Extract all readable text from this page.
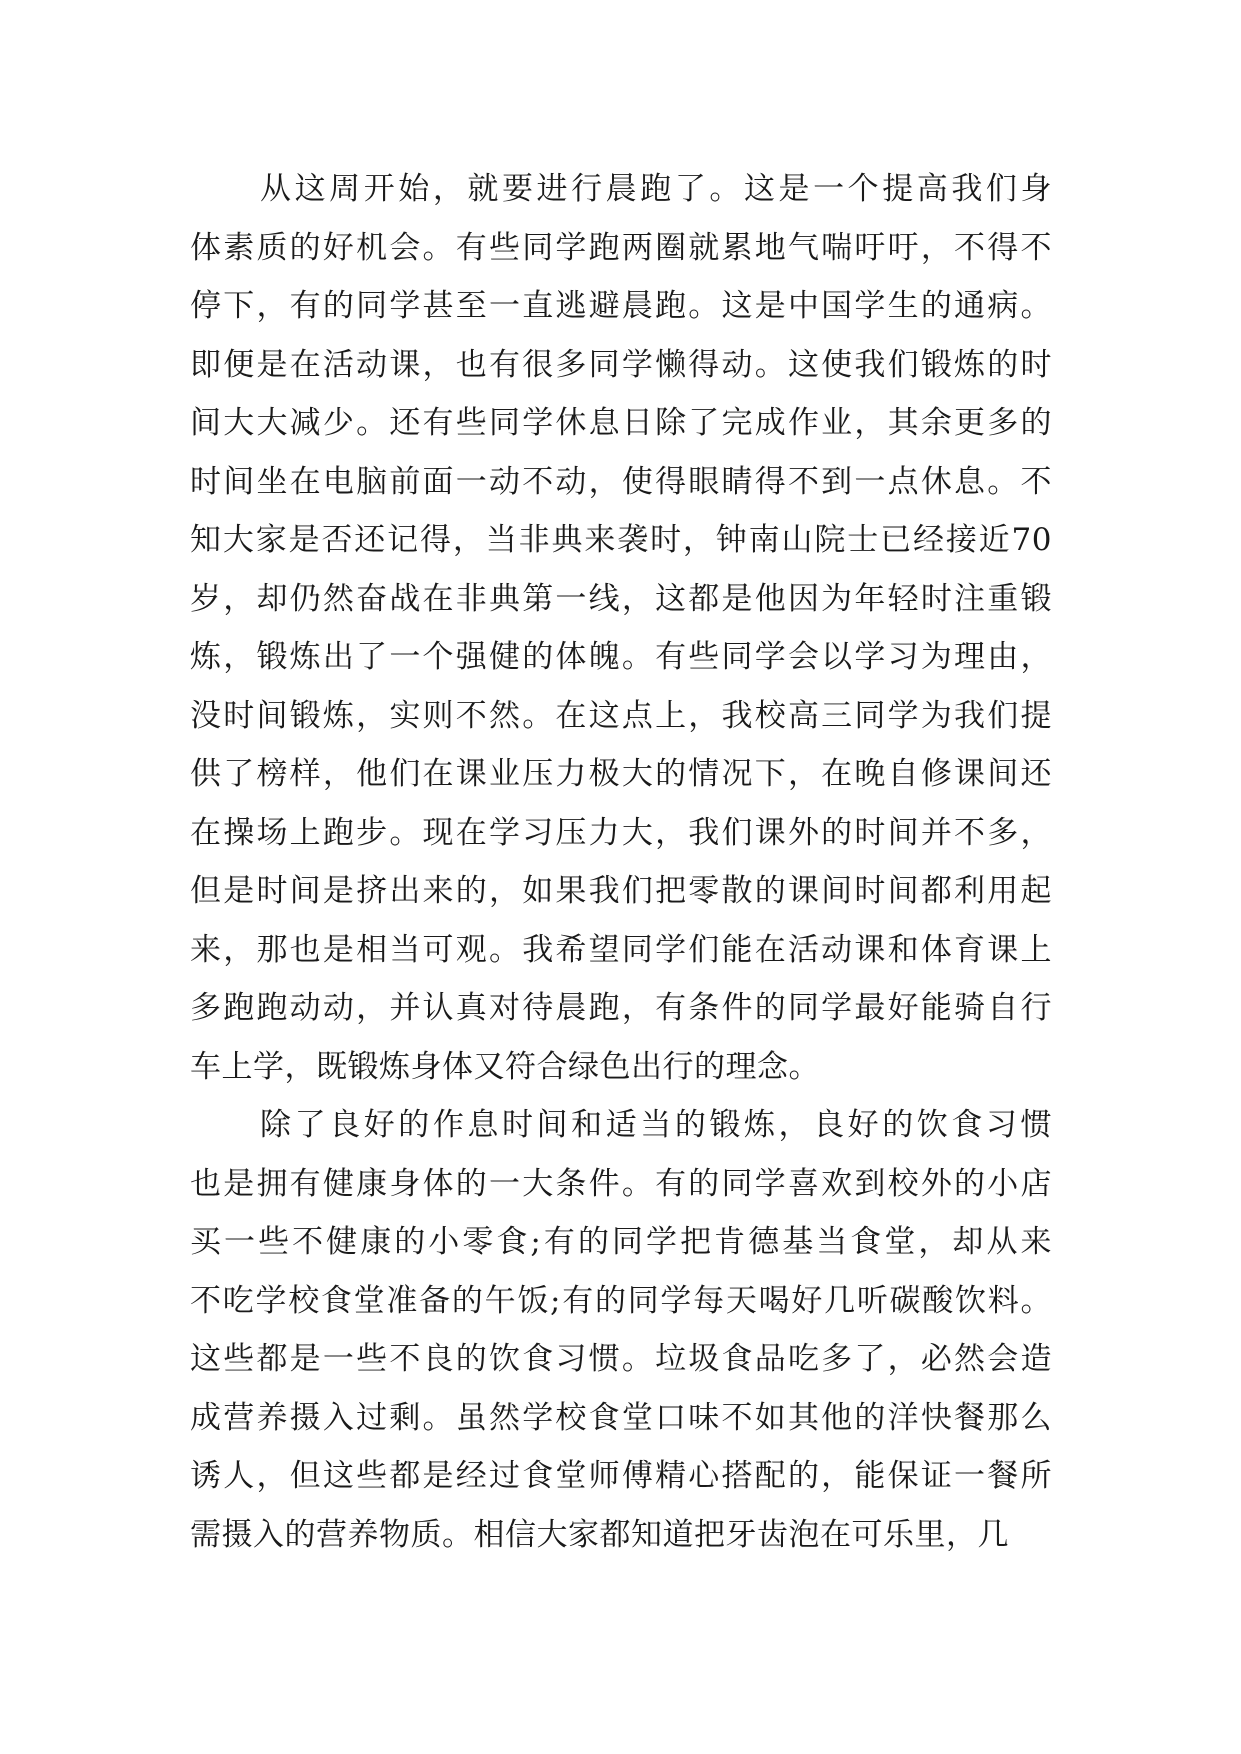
从这周开始，就要进行晨跑了。这是一个提高我们身
体素质的好机会。有些同学跑两圈就累地气喘吁吁，不得不
停下，有的同学甚至一直逃避晨跑。这是中国学生的通病。
即便是在活动课，也有很多同学懒得动。这使我们锻炼的时
间大大减少。还有些同学休息日除了完成作业，其余更多的
时间坐在电脑前面一动不动，使得眼睛得不到一点休息。不
知大家是否还记得，当非典来袭时，钟南山院士已经接近70
岁，却仍然奋战在非典第一线，这都是他因为年轻时注重锻
炼，锻炼出了一个强健的体魄。有些同学会以学习为理由，
没时间锻炼，实则不然。在这点上，我校高三同学为我们提
供了榜样，他们在课业压力极大的情况下，在晚自修课间还
在操场上跑步。现在学习压力大，我们课外的时间并不多，
但是时间是挤出来的，如果我们把零散的课间时间都利用起
来，那也是相当可观。我希望同学们能在活动课和体育课上
多跑跑动动，并认真对待晨跑，有条件的同学最好能骑自行
车上学，既锻炼身体又符合绿色出行的理念。
除了良好的作息时间和适当的锻炼，良好的饮食习惯
也是拥有健康身体的一大条件。有的同学喜欢到校外的小店
买一些不健康的小零食;有的同学把肯德基当食堂，却从来
不吃学校食堂准备的午饭;有的同学每天喝好几听碳酸饮料。
这些都是一些不良的饮食习惯。垃圾食品吃多了，必然会造
成营养摄入过剩。虽然学校食堂口味不如其他的洋快餐那么
诱人，但这些都是经过食堂师傅精心搭配的，能保证一餐所
需摄入的营养物质。相信大家都知道把牙齿泡在可乐里，几
